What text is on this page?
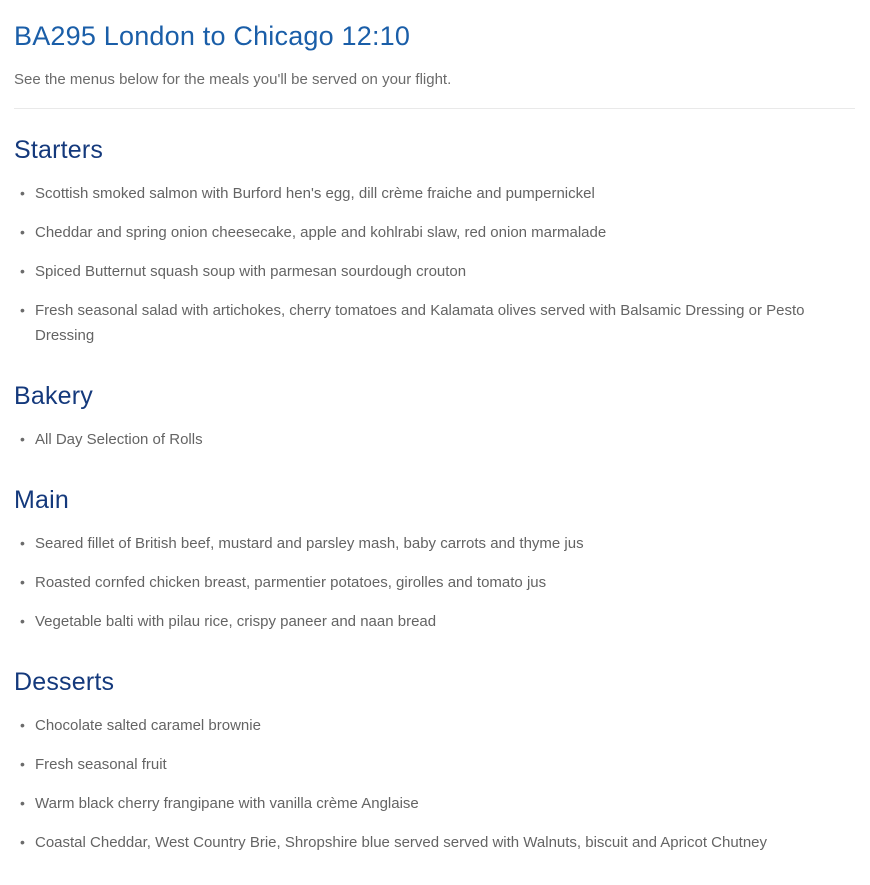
BA295 London to Chicago 12:10

See the menus below for the meals you'll be served on your flight.

Starters
• Scottish smoked salmon with Burford hen's egg, dill crème fraiche and pumpernickel
• Cheddar and spring onion cheesecake, apple and kohlrabi slaw, red onion marmalade
• Spiced Butternut squash soup with parmesan sourdough crouton
• Fresh seasonal salad with artichokes, cherry tomatoes and Kalamata olives served with Balsamic Dressing or Pesto Dressing
Bakery
• All Day Selection of Rolls
Main
• Seared fillet of British beef, mustard and parsley mash, baby carrots and thyme jus
• Roasted cornfed chicken breast, parmentier potatoes, girolles and tomato jus
• Vegetable balti with pilau rice, crispy paneer and naan bread
Desserts
• Chocolate salted caramel brownie
• Fresh seasonal fruit
• Warm black cherry frangipane with vanilla crème Anglaise
• Coastal Cheddar, West Country Brie, Shropshire blue served served with Walnuts, biscuit and Apricot Chutney
